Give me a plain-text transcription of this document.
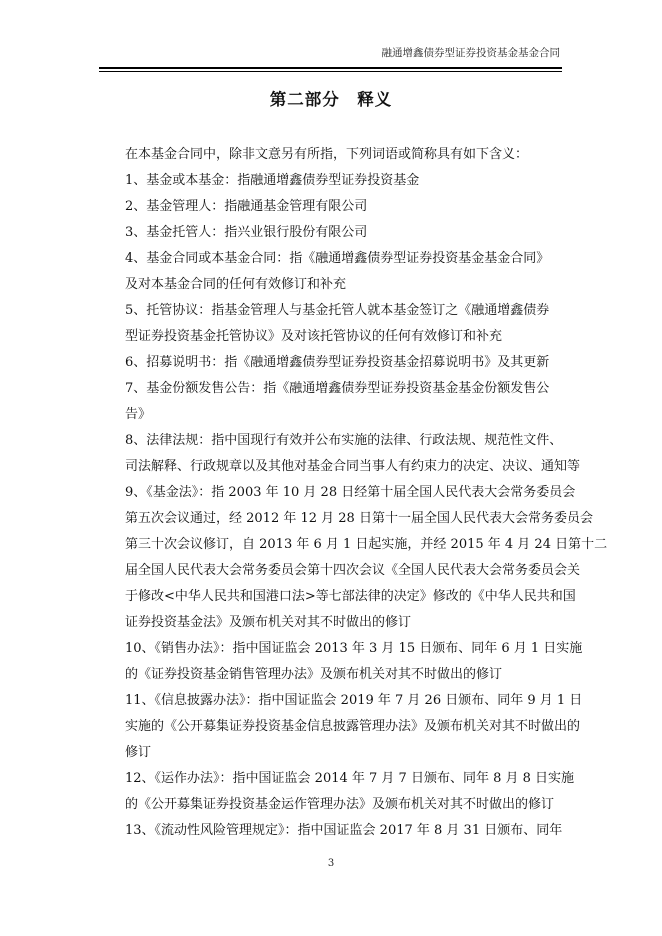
融通增鑫债券型证券投资基金基金合同
第二部分　释义

在本基金合同中，除非文意另有所指，下列词语或简称具有如下含义：

1、基金或本基金：指融通增鑫债券型证券投资基金

2、基金管理人：指融通基金管理有限公司

3、基金托管人：指兴业银行股份有限公司

4、基金合同或本基金合同：指《融通增鑫债券型证券投资基金基金合同》
及对本基金合同的任何有效修订和补充

5、托管协议：指基金管理人与基金托管人就本基金签订之《融通增鑫债券
型证券投资基金托管协议》及对该托管协议的任何有效修订和补充

6、招募说明书：指《融通增鑫债券型证券投资基金招募说明书》及其更新

7、基金份额发售公告：指《融通增鑫债券型证券投资基金基金份额发售公
告》

8、法律法规：指中国现行有效并公布实施的法律、行政法规、规范性文件、
司法解释、行政规章以及其他对基金合同当事人有约束力的决定、决议、通知等

9、《基金法》：指 2003 年 10 月 28 日经第十届全国人民代表大会常务委员会
第五次会议通过，经 2012 年 12 月 28 日第十一届全国人民代表大会常务委员会
第三十次会议修订，自 2013 年 6 月 1 日起实施，并经 2015 年 4 月 24 日第十二
届全国人民代表大会常务委员会第十四次会议《全国人民代表大会常务委员会关
于修改<中华人民共和国港口法>等七部法律的决定》修改的《中华人民共和国
证券投资基金法》及颁布机关对其不时做出的修订

10、《销售办法》：指中国证监会 2013 年 3 月 15 日颁布、同年 6 月 1 日实施
的《证券投资基金销售管理办法》及颁布机关对其不时做出的修订

11、《信息披露办法》：指中国证监会 2019 年 7 月 26 日颁布、同年 9 月 1 日
实施的《公开募集证券投资基金信息披露管理办法》及颁布机关对其不时做出的
修订

12、《运作办法》：指中国证监会 2014 年 7 月 7 日颁布、同年 8 月 8 日实施
的《公开募集证券投资基金运作管理办法》及颁布机关对其不时做出的修订

13、《流动性风险管理规定》：指中国证监会 2017 年 8 月 31 日颁布、同年

3
